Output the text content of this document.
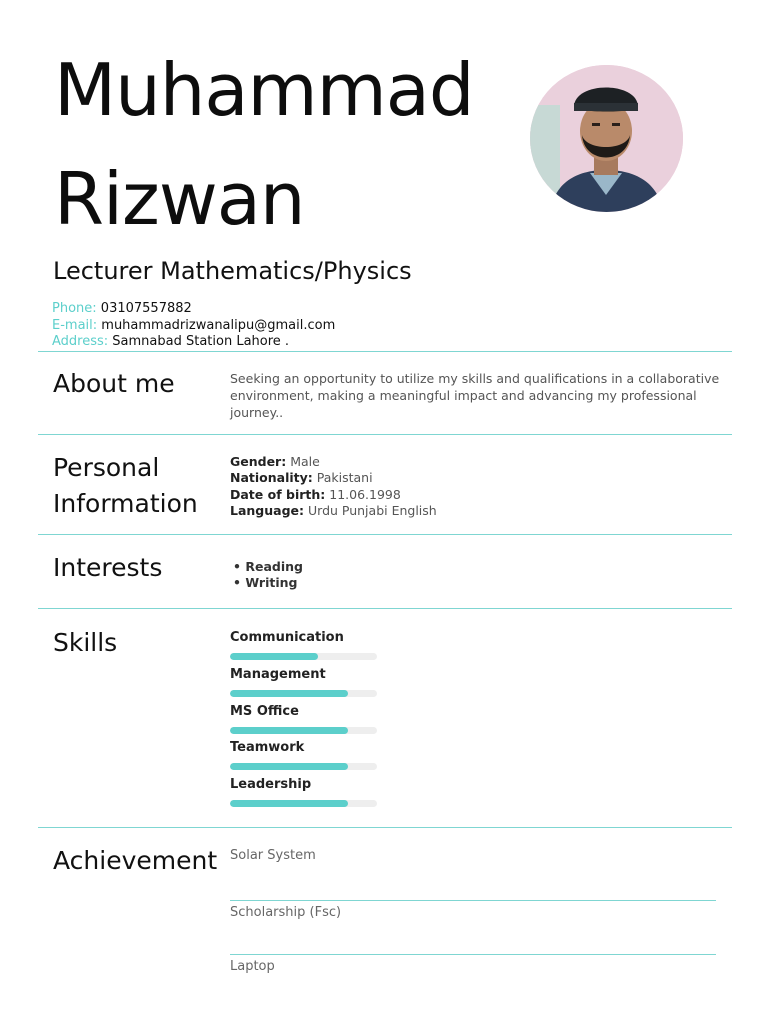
Muhammad
Rizwan
Lecturer Mathematics/Physics
Phone: 03107557882
E-mail: muhammadrizwanalipu@gmail.com
Address: Samnabad Station Lahore .
About me	Seeking an opportunity to utilize my skills and qualifications in a collaborative environment, making a meaningful impact and advancing my professional journey..
Personal
Information
Gender: Male
Nationality: Pakistani
Date of birth: 11.06.1998
Language: Urdu Punjabi English
Interests	• Reading
• Writing
Skills	Communication
Management
MS Office
Teamwork
Leadership
Achievement Solar System
Scholarship (Fsc)
Laptop
